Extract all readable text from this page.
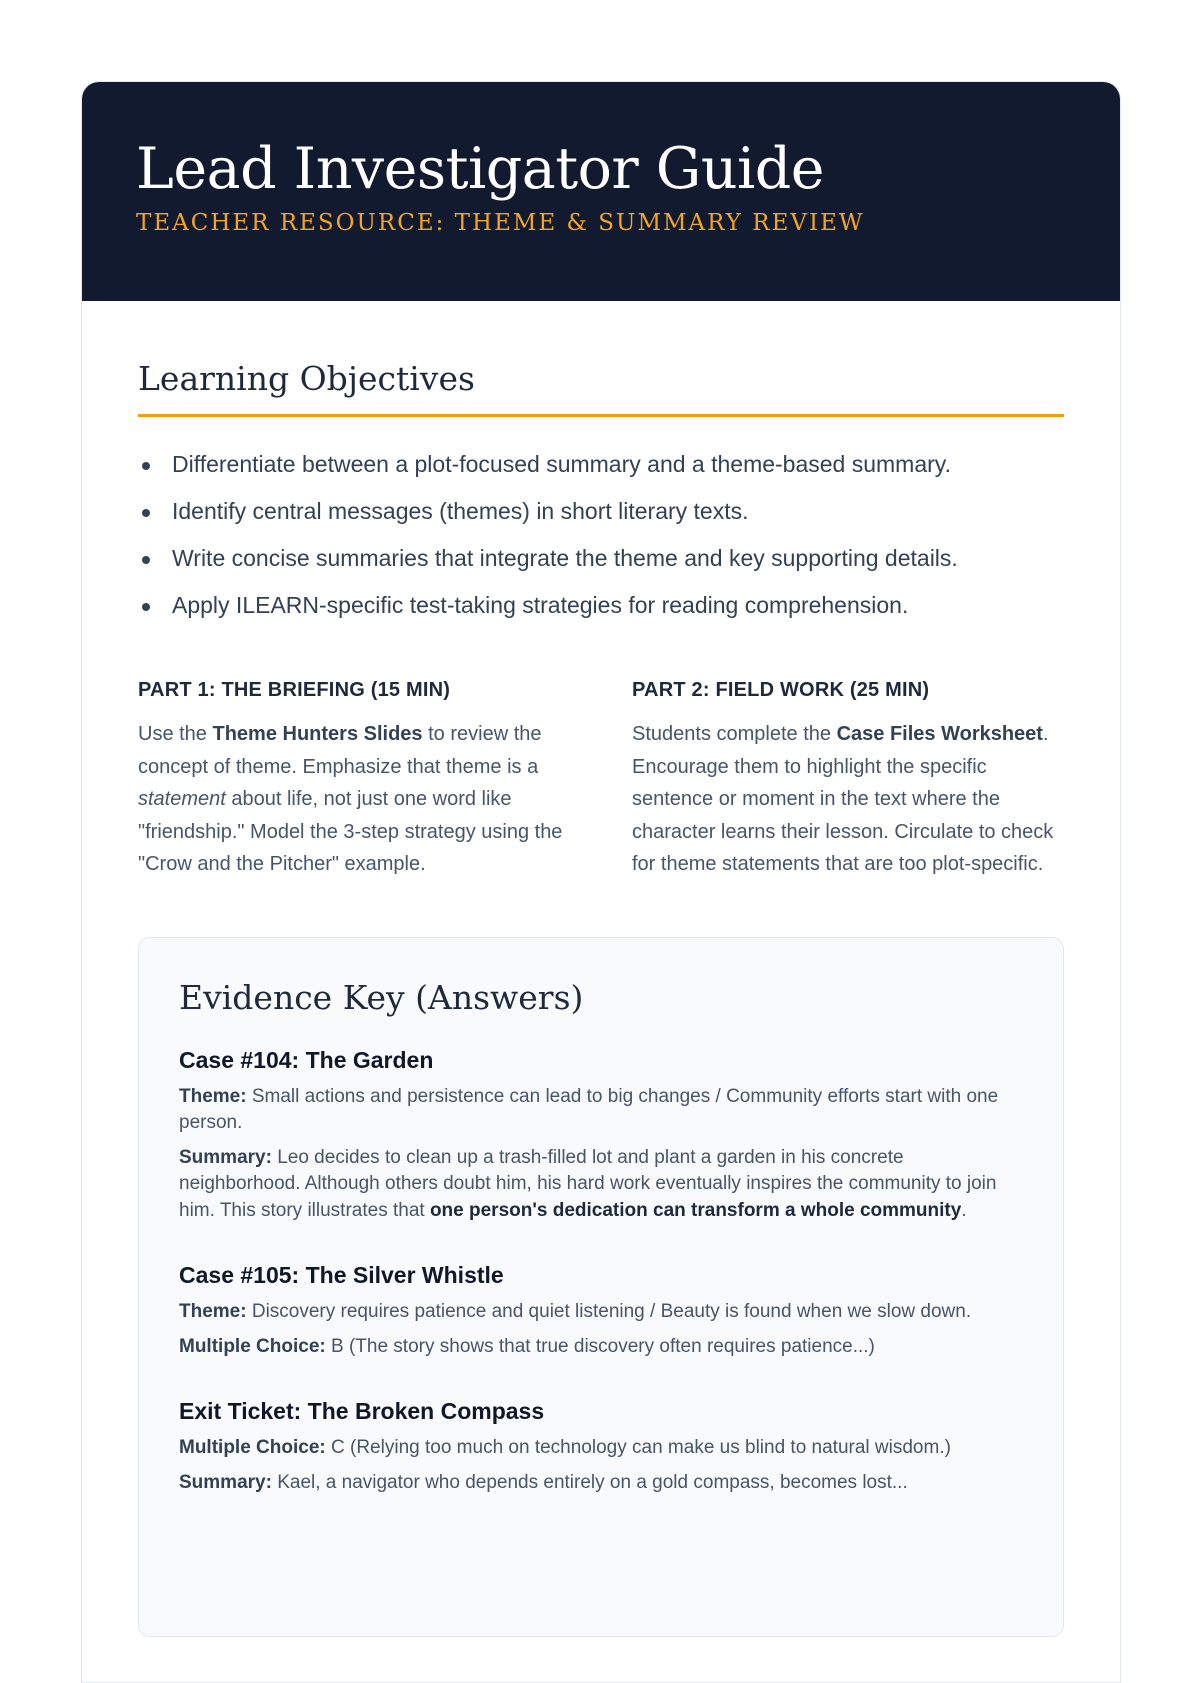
Lead Investigator Guide
TEACHER RESOURCE: THEME & SUMMARY REVIEW
Learning Objectives
Differentiate between a plot-focused summary and a theme-based summary.
Identify central messages (themes) in short literary texts.
Write concise summaries that integrate the theme and key supporting details.
Apply ILEARN-specific test-taking strategies for reading comprehension.
PART 1: THE BRIEFING (15 MIN)

Use the Theme Hunters Slides to review the concept of theme. Emphasize that theme is a statement about life, not just one word like "friendship." Model the 3-step strategy using the "Crow and the Pitcher" example.

PART 2: FIELD WORK (25 MIN)

Students complete the Case Files Worksheet. Encourage them to highlight the specific sentence or moment in the text where the character learns their lesson. Circulate to check for theme statements that are too plot-specific.

Evidence Key (Answers)
Case #104: The Garden

Theme: Small actions and persistence can lead to big changes / Community efforts start with one person.

Summary: Leo decides to clean up a trash-filled lot and plant a garden in his concrete neighborhood. Although others doubt him, his hard work eventually inspires the community to join him. This story illustrates that one person's dedication can transform a whole community.

Case #105: The Silver Whistle

Theme: Discovery requires patience and quiet listening / Beauty is found when we slow down.

Multiple Choice: B (The story shows that true discovery often requires patience...)

Exit Ticket: The Broken Compass

Multiple Choice: C (Relying too much on technology can make us blind to natural wisdom.)

Summary: Kael, a navigator who depends entirely on a gold compass, becomes lost...
